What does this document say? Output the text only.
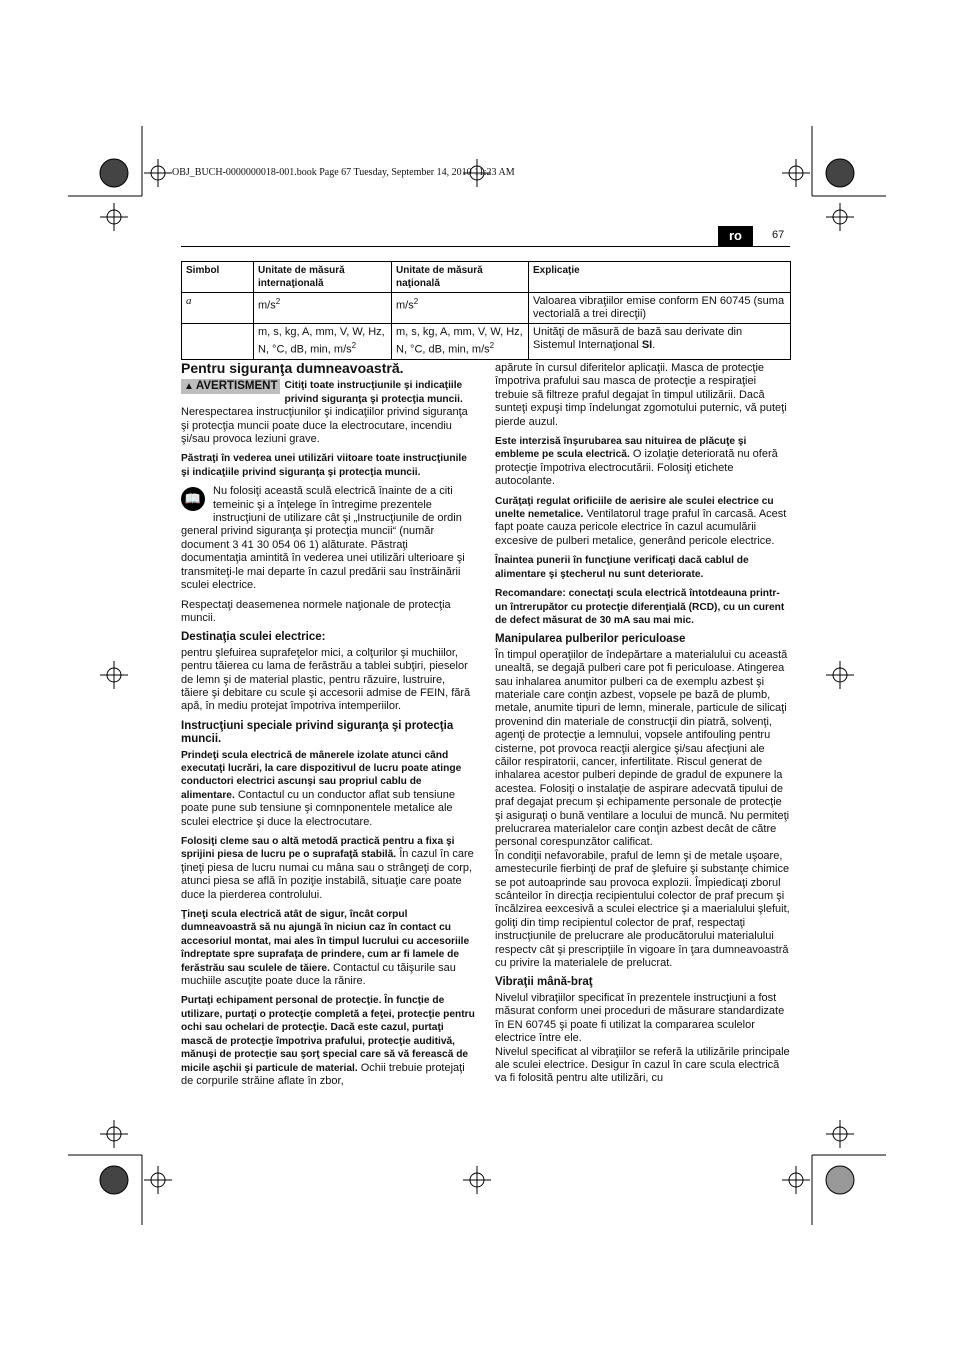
OBJ_BUCH-0000000018-001.book Page 67 Tuesday, September 14, 2010 11:23 AM
ro	67
Simbol	Unitate de măsură internaţională	Unitate de măsură naţională	Explicaţie
a	$m/s^2$	$m/s^2$	Valoarea vibraţiilor emise conform EN 60745 (suma vectorială a trei direcţii)
	m, s, kg, A, mm, V, W, Hz, N, °C, dB, min, $m/s^2$	m, s, kg, A, mm, V, W, Hz, N, °C, dB, min, $m/s^2$	Unităţi de măsură de bază sau derivate din Sistemul Internaţional SI.
Pentru siguranţa dumneavoastră.

▲ AVERTISMENT Citiţi toate instrucţiunile şi indicaţiile privind siguranţa şi protecţia muncii. Nerespectarea instrucţiunilor şi indicaţiilor privind siguranţa şi protecţia muncii poate duce la electrocutare, incendiu şi/sau provoca leziuni grave.

Păstraţi în vederea unei utilizări viitoare toate instrucţiunile şi indicaţiile privind siguranţa şi protecţia muncii.

📖	Nu folosiţi această sculă electrică înainte de a citi temeinic şi a înţelege în întregime prezentele instrucţiuni de utilizare cât şi „Instrucţiunile de ordin general privind siguranţa şi protecţia muncii“ (număr document 3 41 30 054 06 1) alăturate. Păstraţi documentaţia amintită în vederea unei utilizări ulterioare şi transmiteţi-le mai departe în cazul predării sau înstrăinării sculei electrice.

Respectaţi deasemenea normele naţionale de protecţia muncii.

Destinaţia sculei electrice:

pentru şlefuirea suprafeţelor mici, a colţurilor şi muchiilor, pentru tăierea cu lama de ferăstrău a tablei subţiri, pieselor de lemn şi de material plastic, pentru răzuire, lustruire, tăiere şi debitare cu scule şi accesorii admise de FEIN, fără apă, în mediu protejat împotriva intemperiilor.

Instrucţiuni speciale privind siguranţa şi protecţia muncii.

Prindeţi scula electrică de mânerele izolate atunci când executaţi lucrări, la care dispozitivul de lucru poate atinge conductori electrici ascunşi sau propriul cablu de alimentare. Contactul cu un conductor aflat sub tensiune poate pune sub tensiune şi comnponentele metalice ale sculei electrice şi duce la electrocutare.

Folosiţi cleme sau o altă metodă practică pentru a fixa şi sprijini piesa de lucru pe o suprafaţă stabilă. În cazul în care ţineţi piesa de lucru numai cu mâna sau o strângeţi de corp, atunci piesa se află în poziţie instabilă, situaţie care poate duce la pierderea controlului.

Ţineţi scula electrică atât de sigur, încât corpul dumneavoastră să nu ajungă în niciun caz în contact cu accesoriul montat, mai ales în timpul lucrului cu accesoriile îndreptate spre suprafaţa de prindere, cum ar fi lamele de ferăstrău sau sculele de tăiere. Contactul cu tăişurile sau muchiile ascuţite poate duce la rănire.

Purtaţi echipament personal de protecţie. În funcţie de utilizare, purtaţi o protecţie completă a feţei, protecţie pentru ochi sau ochelari de protecţie. Dacă este cazul, purtaţi mască de protecţie împotriva prafului, protecţie auditivă, mănuşi de protecţie sau şorţ special care să vă ferească de micile aşchii şi particule de material. Ochii trebuie protejaţi de corpurile străine aflate în zbor,

apărute în cursul diferitelor aplicaţii. Masca de protecţie împotriva prafului sau masca de protecţie a respiraţiei trebuie să filtreze praful degajat în timpul utilizării. Dacă sunteţi expuşi timp îndelungat zgomotului puternic, vă puteţi pierde auzul.

Este interzisă înşurubarea sau nituirea de plăcuţe şi embleme pe scula electrică. O izolaţie deteriorată nu oferă protecţie împotriva electrocutării. Folosiţi etichete autocolante.

Curăţaţi regulat orificiile de aerisire ale sculei electrice cu unelte nemetalice. Ventilatorul trage praful în carcasă. Acest fapt poate cauza pericole electrice în cazul acumulării excesive de pulberi metalice, generând pericole electrice.

Înaintea punerii în funcţiune verificaţi dacă cablul de alimentare şi ştecherul nu sunt deteriorate.

Recomandare: conectaţi scula electrică întotdeauna printr-un întrerupător cu protecţie diferenţială (RCD), cu un curent de defect măsurat de 30 mA sau mai mic.

Manipularea pulberilor periculoase

În timpul operaţiilor de îndepărtare a materialului cu această unealtă, se degajă pulberi care pot fi periculoase. Atingerea sau inhalarea anumitor pulberi ca de exemplu azbest şi materiale care conţin azbest, vopsele pe bază de plumb, metale, anumite tipuri de lemn, minerale, particule de silicaţi provenind din materiale de construcţii din piatră, solvenţi, agenţi de protecţie a lemnului, vopsele antifouling pentru cisterne, pot provoca reacţii alergice şi/sau afecţiuni ale căilor respiratorii, cancer, infertilitate. Riscul generat de inhalarea acestor pulberi depinde de gradul de expunere la acestea. Folosiţi o instalaţie de aspirare adecvată tipului de praf degajat precum şi echipamente personale de protecţie şi asiguraţi o bună ventilare a locului de muncă. Nu permiteţi prelucrarea materialelor care conţin azbest decât de către personal corespunzător calificat.

În condiţii nefavorabile, praful de lemn şi de metale uşoare, amestecurile fierbinţi de praf de şlefuire şi substanţe chimice se pot autoaprinde sau provoca explozii. Împiedicaţi zborul scânteilor în direcţia recipientului colector de praf precum şi încălzirea eexcesivă a sculei electrice şi a maerialului şlefuit, goliţi din timp recipientul colector de praf, respectaţi instrucţiunile de prelucrare ale producătorului materialului respectv cât şi prescripţiile în vigoare în ţara dumneavoastră cu privire la materialele de prelucrat.

Vibraţii mână-braţ

Nivelul vibraţiilor specificat în prezentele instrucţiuni a fost măsurat conform unei proceduri de măsurare standardizate în EN 60745 şi poate fi utilizat la compararea sculelor electrice între ele.

Nivelul specificat al vibraţiilor se referă la utilizările principale ale sculei electrice. Desigur în cazul în care scula electrică va fi folosită pentru alte utilizări, cu
